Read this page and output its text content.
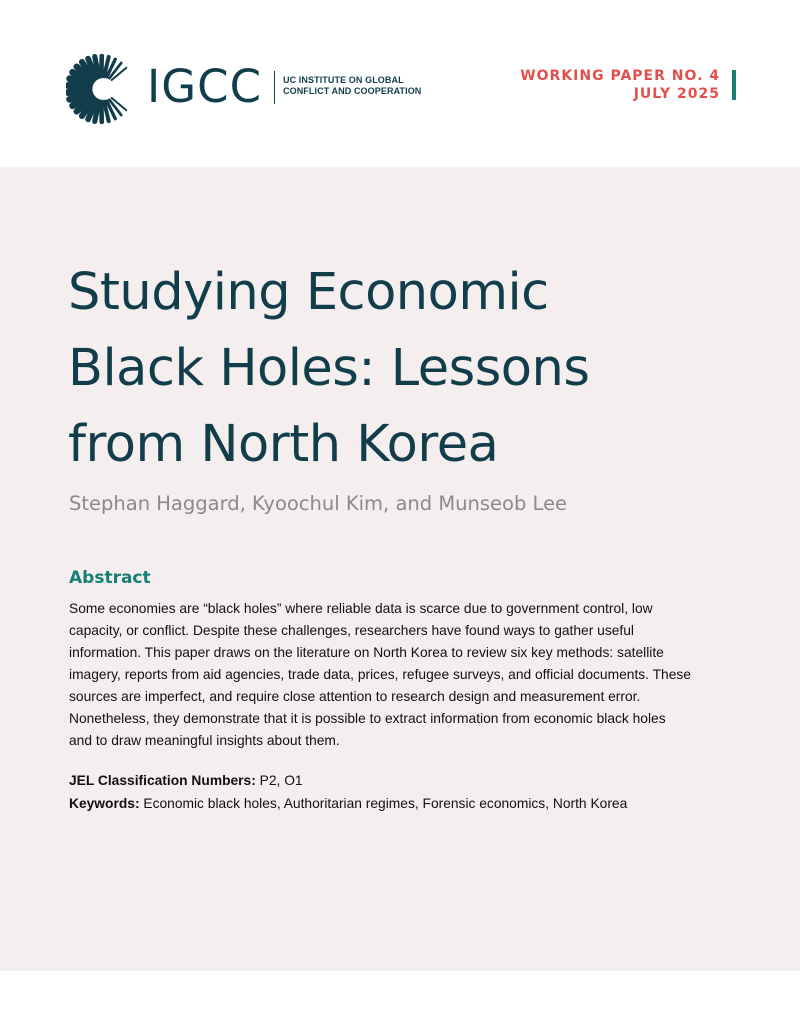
IGCC UC INSTITUTE ON GLOBAL
CONFLICT AND COOPERATION
WORKING PAPER NO. 4
JULY 2025
Studying Economic
Black Holes: Lessons
from North Korea
Stephan Haggard, Kyoochul Kim, and Munseob Lee
Abstract
Some economies are “black holes” where reliable data is scarce due to government control, low
capacity, or conflict. Despite these challenges, researchers have found ways to gather useful
information. This paper draws on the literature on North Korea to review six key methods: satellite
imagery, reports from aid agencies, trade data, prices, refugee surveys, and official documents. These
sources are imperfect, and require close attention to research design and measurement error.
Nonetheless, they demonstrate that it is possible to extract information from economic black holes
and to draw meaningful insights about them.
JEL Classification Numbers: P2, O1
Keywords: Economic black holes, Authoritarian regimes, Forensic economics, North Korea
